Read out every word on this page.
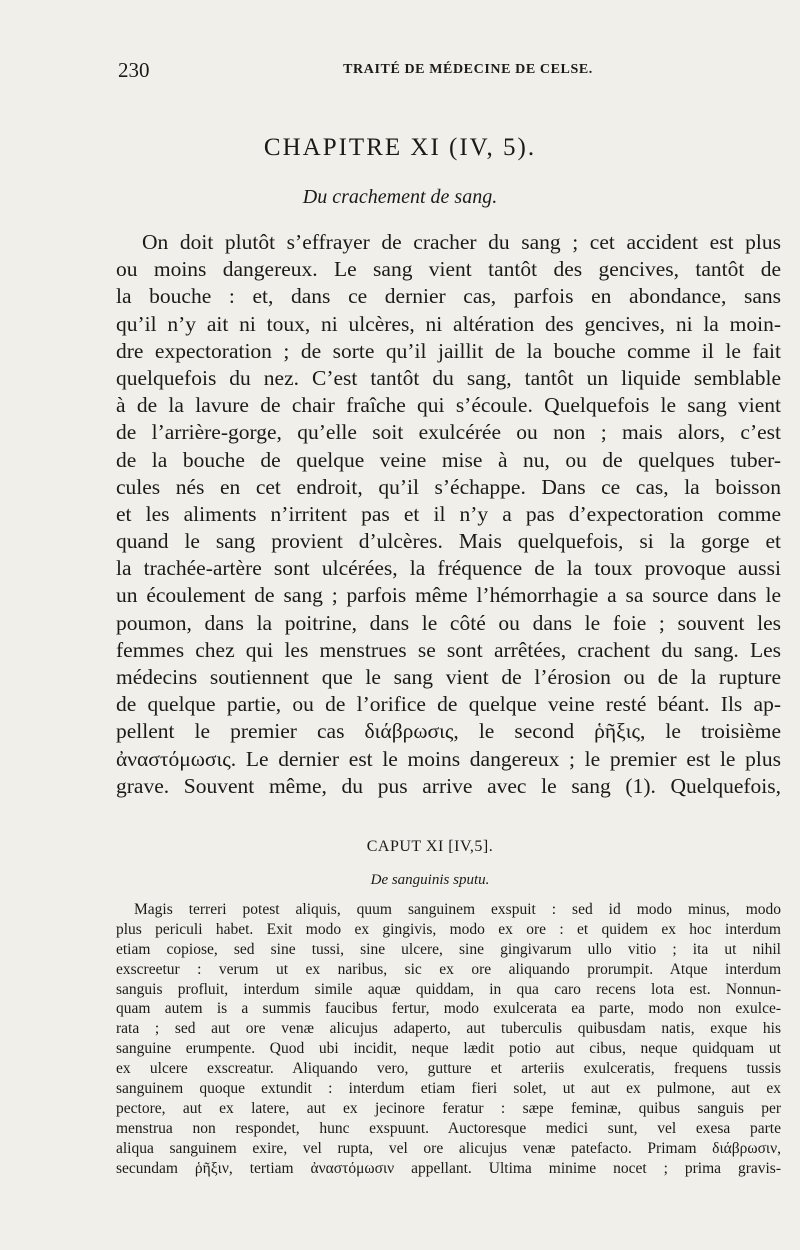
230	TRAITÉ DE MÉDECINE DE CELSE.
CHAPITRE XI (IV, 5).
Du crachement de sang.
On doit plutôt s’effrayer de cracher du sang ; cet accident est plus
ou moins dangereux. Le sang vient tantôt des gencives, tantôt de
la bouche : et, dans ce dernier cas, parfois en abondance, sans
qu’il n’y ait ni toux, ni ulcères, ni altération des gencives, ni la moin-
dre expectoration ; de sorte qu’il jaillit de la bouche comme il le fait
quelquefois du nez. C’est tantôt du sang, tantôt un liquide semblable
à de la lavure de chair fraîche qui s’écoule. Quelquefois le sang vient
de l’arrière-gorge, qu’elle soit exulcérée ou non ; mais alors, c’est
de la bouche de quelque veine mise à nu, ou de quelques tuber-
cules nés en cet endroit, qu’il s’échappe. Dans ce cas, la boisson
et les aliments n’irritent pas et il n’y a pas d’expectoration comme
quand le sang provient d’ulcères. Mais quelquefois, si la gorge et
la trachée-artère sont ulcérées, la fréquence de la toux provoque aussi
un écoulement de sang ; parfois même l’hémorrhagie a sa source dans le
poumon, dans la poitrine, dans le côté ou dans le foie ; souvent les
femmes chez qui les menstrues se sont arrêtées, crachent du sang. Les
médecins soutiennent que le sang vient de l’érosion ou de la rupture
de quelque partie, ou de l’orifice de quelque veine resté béant. Ils ap-
pellent le premier cas διάβρωσις, le second ῥῆξις, le troisième
ἀναστόμωσις. Le dernier est le moins dangereux ; le premier est le plus
grave. Souvent même, du pus arrive avec le sang (1). Quelquefois,
CAPUT XI [IV,5].
De sanguinis sputu.
Magis terreri potest aliquis, quum sanguinem exspuit : sed id modo minus, modo
plus periculi habet. Exit modo ex gingivis, modo ex ore : et quidem ex hoc interdum
etiam copiose, sed sine tussi, sine ulcere, sine gingivarum ullo vitio ; ita ut nihil
exscreetur : verum ut ex naribus, sic ex ore aliquando prorumpit. Atque interdum
sanguis profluit, interdum simile aquæ quiddam, in qua caro recens lota est. Nonnun-
quam autem is a summis faucibus fertur, modo exulcerata ea parte, modo non exulce-
rata ; sed aut ore venæ alicujus adaperto, aut tuberculis quibusdam natis, exque his
sanguine erumpente. Quod ubi incidit, neque lædit potio aut cibus, neque quidquam ut
ex ulcere exscreatur. Aliquando vero, gutture et arteriis exulceratis, frequens tussis
sanguinem quoque extundit : interdum etiam fieri solet, ut aut ex pulmone, aut ex
pectore, aut ex latere, aut ex jecinore feratur : sæpe feminæ, quibus sanguis per
menstrua non respondet, hunc exspuunt. Auctoresque medici sunt, vel exesa parte
aliqua sanguinem exire, vel rupta, vel ore alicujus venæ patefacto. Primam διάβρωσιν,
secundam ῥῆξιν, tertiam ἀναστόμωσιν appellant. Ultima minime nocet ; prima gravis-
